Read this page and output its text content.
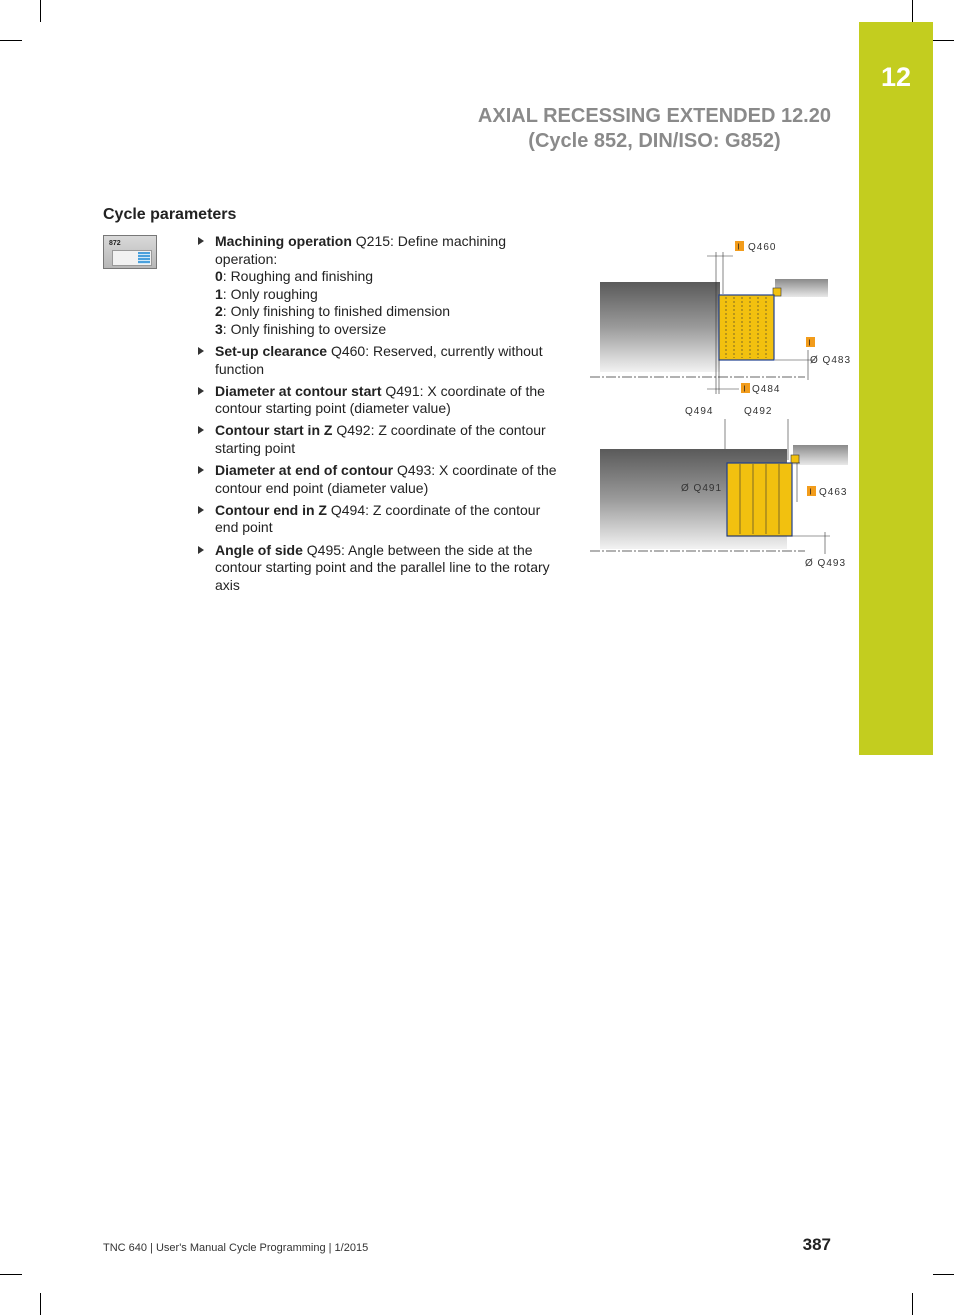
12
AXIAL RECESSING EXTENDED 12.20
(Cycle 852, DIN/ISO: G852)
Cycle parameters
872	Machining operation Q215: Define machining operation:
0: Roughing and finishing
1: Only roughing
2: Only finishing to finished dimension
3: Only finishing to oversize
Set-up clearance Q460: Reserved, currently without function
Diameter at contour start Q491: X coordinate of the contour starting point (diameter value)
Contour start in Z Q492: Z coordinate of the contour starting point
Diameter at end of contour Q493: X coordinate of the contour end point (diameter value)
Contour end in Z Q494: Z coordinate of the contour end point
Angle of side Q495: Angle between the side at the contour starting point and the parallel line to the rotary axis
I Q460
I
Ø Q483
I Q484
Q494	Q492
Ø Q491	I Q463
Ø Q493
TNC 640 | User's Manual Cycle Programming | 1/2015	387
